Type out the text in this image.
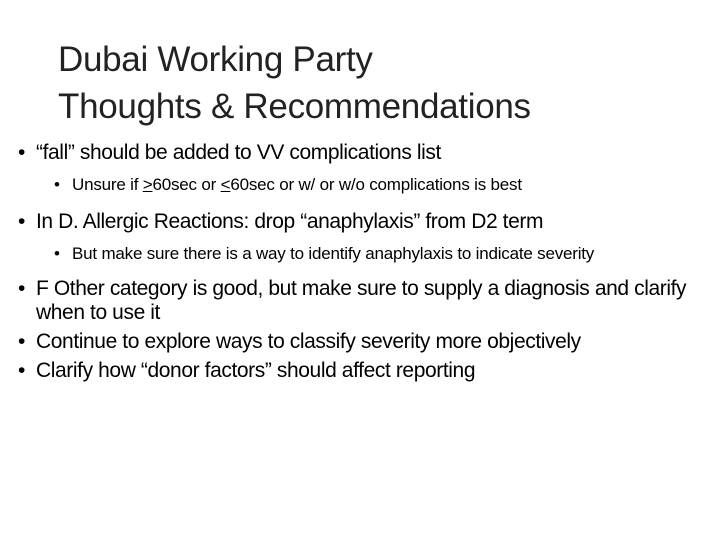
Dubai Working Party
Thoughts & Recommendations
• “fall” should be added to VV complications list
• Unsure if >60sec or <60sec or w/ or w/o complications is best
• In D. Allergic Reactions: drop “anaphylaxis” from D2 term
• But make sure there is a way to identify anaphylaxis to indicate severity
• F Other category is good, but make sure to supply a diagnosis and clarify when to use it
• Continue to explore ways to classify severity more objectively
• Clarify how “donor factors” should affect reporting
